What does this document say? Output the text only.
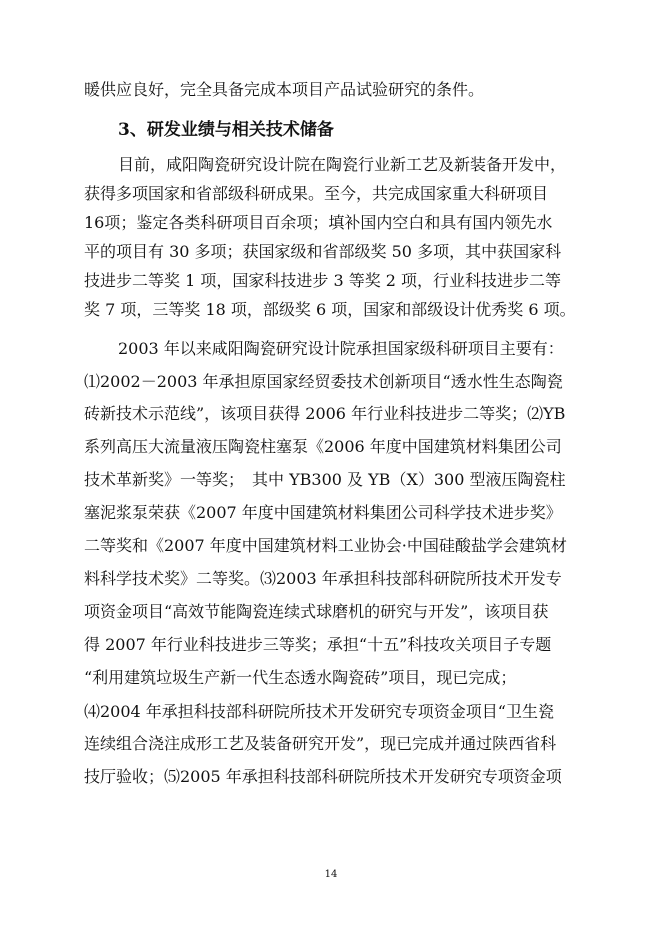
暖供应良好，完全具备完成本项目产品试验研究的条件。
3、研发业绩与相关技术储备
目前，咸阳陶瓷研究设计院在陶瓷行业新工艺及新装备开发中，
获得多项国家和省部级科研成果。至今，共完成国家重大科研项目
16项；鉴定各类科研项目百余项；填补国内空白和具有国内领先水
平的项目有 30 多项；获国家级和省部级奖 50 多项，其中获国家科
技进步二等奖 1 项，国家科技进步 3 等奖 2 项，行业科技进步二等
奖 7 项，三等奖 18 项，部级奖 6 项，国家和部级设计优秀奖 6 项。
2003 年以来咸阳陶瓷研究设计院承担国家级科研项目主要有：
⑴2002－2003 年承担原国家经贸委技术创新项目“透水性生态陶瓷
砖新技术示范线”，该项目获得 2006 年行业科技进步二等奖；⑵YB
系列高压大流量液压陶瓷柱塞泵《2006 年度中国建筑材料集团公司
技术革新奖》一等奖；　其中 YB300 及 YB（X）300 型液压陶瓷柱
塞泥浆泵荣获《2007 年度中国建筑材料集团公司科学技术进步奖》
二等奖和《2007 年度中国建筑材料工业协会·中国硅酸盐学会建筑材
料科学技术奖》二等奖。⑶2003 年承担科技部科研院所技术开发专
项资金项目“高效节能陶瓷连续式球磨机的研究与开发”，该项目获
得 2007 年行业科技进步三等奖；承担“十五”科技攻关项目子专题
“利用建筑垃圾生产新一代生态透水陶瓷砖”项目，现已完成；
⑷2004 年承担科技部科研院所技术开发研究专项资金项目“卫生瓷
连续组合浇注成形工艺及装备研究开发”，现已完成并通过陕西省科
技厅验收；⑸2005 年承担科技部科研院所技术开发研究专项资金项
14
